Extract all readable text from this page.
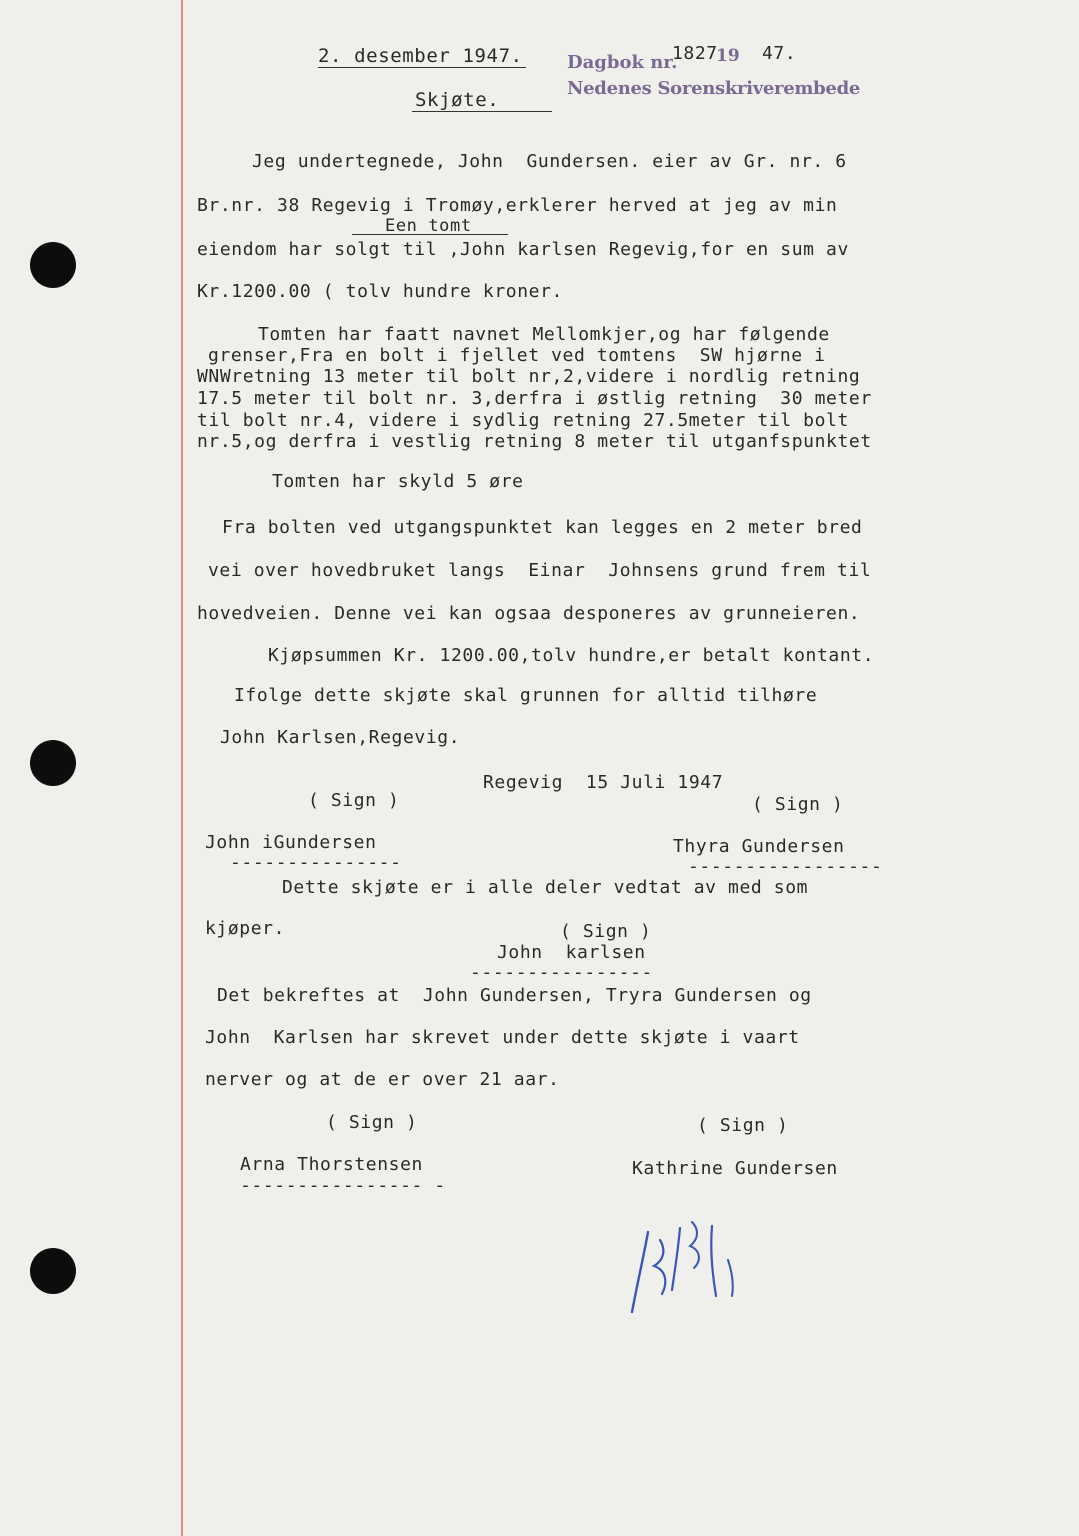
2. desember 1947. Dagbok nr.
1827
19 47.
Nedenes Sorenskriverembede
Skjøte.
Jeg undertegnede, John  Gundersen. eier av Gr. nr. 6
Br.nr. 38 Regevig i Tromøy,erklerer herved at jeg av min
Een tomt
eiendom har solgt til ,John karlsen Regevig,for en sum av
Kr.1200.00 ( tolv hundre kroner.
Tomten har faatt navnet Mellomkjer,og har følgende
grenser,Fra en bolt i fjellet ved tomtens  SW hjørne i
WNWretning 13 meter til bolt nr,2,videre i nordlig retning
17.5 meter til bolt nr. 3,derfra i østlig retning  30 meter
til bolt nr.4, videre i sydlig retning 27.5meter til bolt
nr.5,og derfra i vestlig retning 8 meter til utganfspunktet
Tomten har skyld 5 øre
Fra bolten ved utgangspunktet kan legges en 2 meter bred
vei over hovedbruket langs  Einar  Johnsens grund frem til
hovedveien. Denne vei kan ogsaa desponeres av grunneieren.
Kjøpsummen Kr. 1200.00,tolv hundre,er betalt kontant.
Ifolge dette skjøte skal grunnen for alltid tilhøre
John Karlsen,Regevig.
Regevig  15 Juli 1947
( Sign )	( Sign )
John iGundersen	Thyra Gundersen
---------------	-----------------
Dette skjøte er i alle deler vedtat av med som
kjøper.	( Sign )
John  karlsen
----------------
Det bekreftes at  John Gundersen, Tryra Gundersen og
John  Karlsen har skrevet under dette skjøte i vaart
nerver og at de er over 21 aar.
( Sign )	( Sign )
Arna Thorstensen	Kathrine Gundersen
---------------- -
